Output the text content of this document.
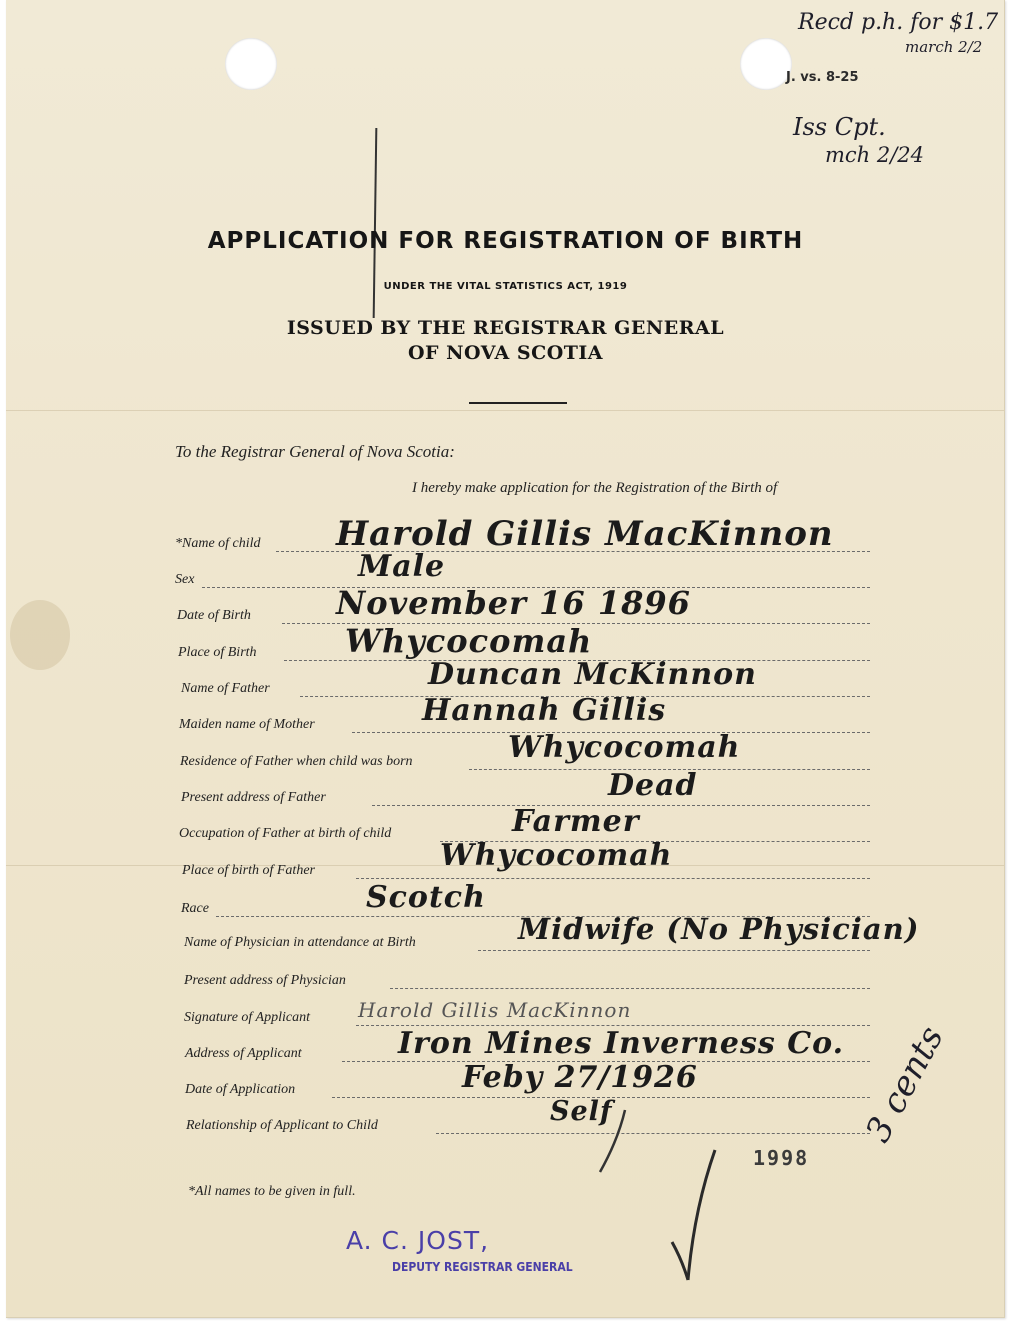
Recd p.h. for $1.7
march 2/2
J. vs. 8-25
Iss Cpt.
mch 2/24
APPLICATION FOR REGISTRATION OF BIRTH
UNDER THE VITAL STATISTICS ACT, 1919
ISSUED BY THE REGISTRAR GENERAL
OF NOVA SCOTIA
To the Registrar General of Nova Scotia:
I hereby make application for the Registration of the Birth of
*Name of child Harold Gillis MacKinnon
Sex	Male
Date of Birth	November 16 1896
Place of Birth	Whycocomah
Name of Father	Duncan McKinnon
Maiden name of Mother	Hannah Gillis
Residence of Father when child was born	Whycocomah
Present address of Father	Dead
Occupation of Father at birth of child	Farmer
Place of birth of Father	Whycocomah
Race	Scotch
Name of Physician in attendance at Birth	Midwife (No Physician)
Present address of Physician
Signature of Applicant Harold Gillis MacKinnon
Address of Applicant	Iron Mines Inverness Co.
Date of Application	Feby 27/1926
Relationship of Applicant to Child	Self	3 cents
1998
*All names to be given in full.
A. C. JOST,
DEPUTY REGISTRAR GENERAL
